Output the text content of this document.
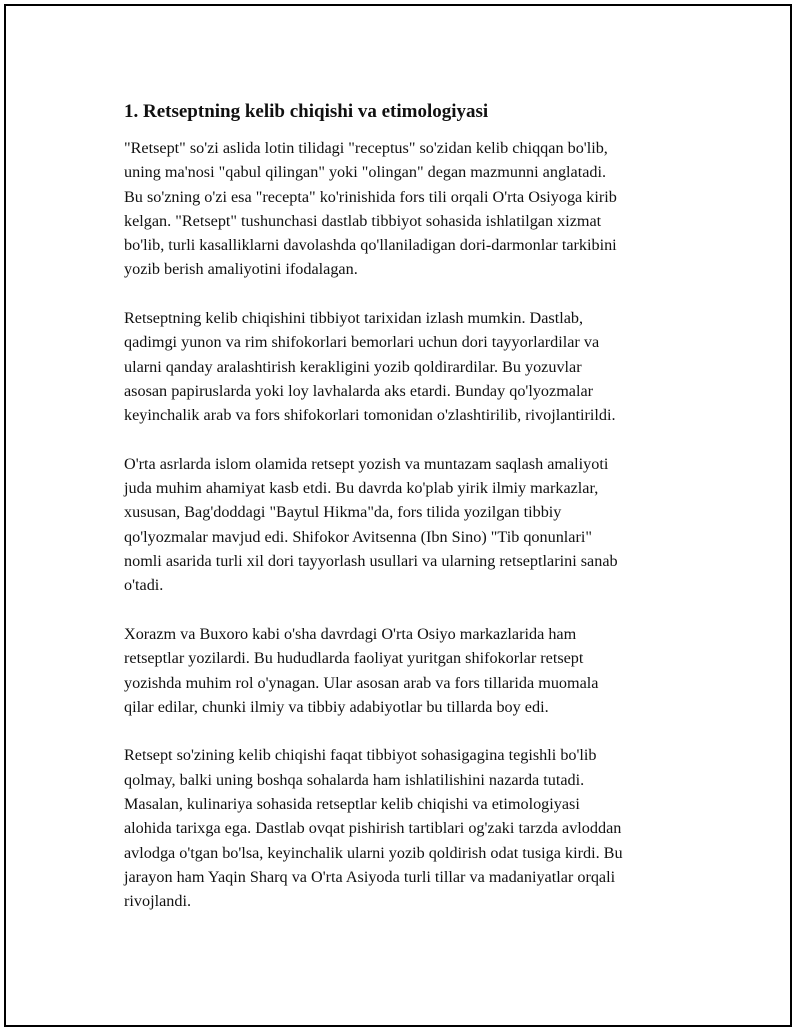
1. Retseptning kelib chiqishi va etimologiyasi

"Retsept" so'zi aslida lotin tilidagi "receptus" so'zidan kelib chiqqan bo'lib,
uning ma'nosi "qabul qilingan" yoki "olingan" degan mazmunni anglatadi.
Bu so'zning o'zi esa "recepta" ko'rinishida fors tili orqali O'rta Osiyoga kirib
kelgan. "Retsept" tushunchasi dastlab tibbiyot sohasida ishlatilgan xizmat
bo'lib, turli kasalliklarni davolashda qo'llaniladigan dori-darmonlar tarkibini
yozib berish amaliyotini ifodalagan.

Retseptning kelib chiqishini tibbiyot tarixidan izlash mumkin. Dastlab,
qadimgi yunon va rim shifokorlari bemorlari uchun dori tayyorlardilar va
ularni qanday aralashtirish kerakligini yozib qoldirardilar. Bu yozuvlar
asosan papiruslarda yoki loy lavhalarda aks etardi. Bunday qo'lyozmalar
keyinchalik arab va fors shifokorlari tomonidan o'zlashtirilib, rivojlantirildi.

O'rta asrlarda islom olamida retsept yozish va muntazam saqlash amaliyoti
juda muhim ahamiyat kasb etdi. Bu davrda ko'plab yirik ilmiy markazlar,
xususan, Bag'doddagi "Baytul Hikma"da, fors tilida yozilgan tibbiy
qo'lyozmalar mavjud edi. Shifokor Avitsenna (Ibn Sino) "Tib qonunlari"
nomli asarida turli xil dori tayyorlash usullari va ularning retseptlarini sanab
o'tadi.

Xorazm va Buxoro kabi o'sha davrdagi O'rta Osiyo markazlarida ham
retseptlar yozilardi. Bu hududlarda faoliyat yuritgan shifokorlar retsept
yozishda muhim rol o'ynagan. Ular asosan arab va fors tillarida muomala
qilar edilar, chunki ilmiy va tibbiy adabiyotlar bu tillarda boy edi.

Retsept so'zining kelib chiqishi faqat tibbiyot sohasigagina tegishli bo'lib
qolmay, balki uning boshqa sohalarda ham ishlatilishini nazarda tutadi.
Masalan, kulinariya sohasida retseptlar kelib chiqishi va etimologiyasi
alohida tarixga ega. Dastlab ovqat pishirish tartiblari og'zaki tarzda avloddan
avlodga o'tgan bo'lsa, keyinchalik ularni yozib qoldirish odat tusiga kirdi. Bu
jarayon ham Yaqin Sharq va O'rta Asiyoda turli tillar va madaniyatlar orqali
rivojlandi.
